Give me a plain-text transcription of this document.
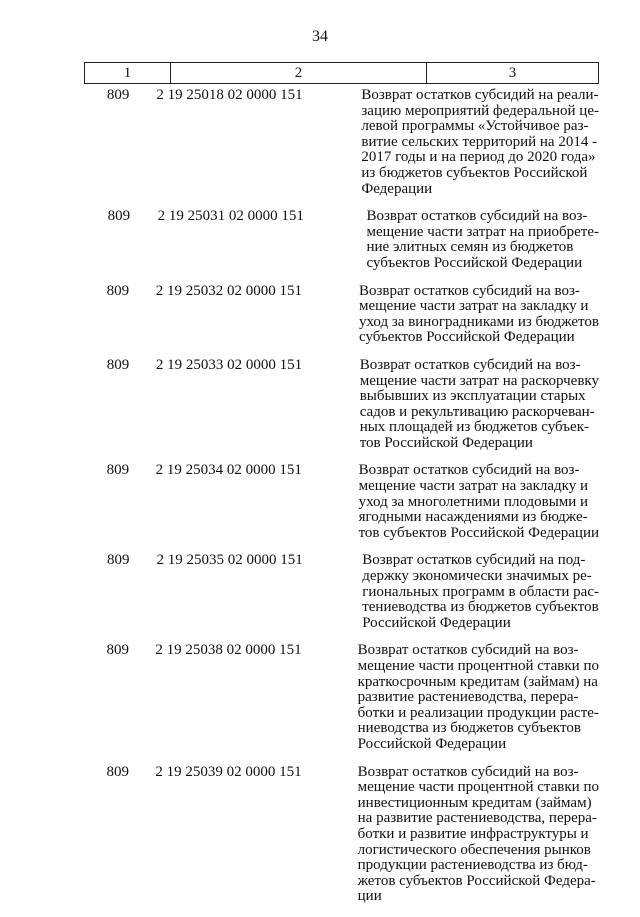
34
1	2	3
809	2 19 25018 02 0000 151	Возврат остатков субсидий на реали-
зацию мероприятий федеральной це-
левой программы «Устойчивое раз-
витие сельских территорий на 2014 -
2017 годы и на период до 2020 года»
из бюджетов субъектов Российской
Федерации
809	2 19 25031 02 0000 151	Возврат остатков субсидий на воз-
мещение части затрат на приобрете-
ние элитных семян из бюджетов
субъектов Российской Федерации
809	2 19 25032 02 0000 151	Возврат остатков субсидий на воз-
мещение части затрат на закладку и
уход за виноградниками из бюджетов
субъектов Российской Федерации
809	2 19 25033 02 0000 151	Возврат остатков субсидий на воз-
мещение части затрат на раскорчевку
выбывших из эксплуатации старых
садов и рекультивацию раскорчеван-
ных площадей из бюджетов субъек-
тов Российской Федерации
809	2 19 25034 02 0000 151	Возврат остатков субсидий на воз-
мещение части затрат на закладку и
уход за многолетними плодовыми и
ягодными насаждениями из бюдже-
тов субъектов Российской Федерации
809	2 19 25035 02 0000 151	Возврат остатков субсидий на под-
держку экономически значимых ре-
гиональных программ в области рас-
тениеводства из бюджетов субъектов
Российской Федерации
809	2 19 25038 02 0000 151	Возврат остатков субсидий на воз-
мещение части процентной ставки по
краткосрочным кредитам (займам) на
развитие растениеводства, перера-
ботки и реализации продукции расте-
ниеводства из бюджетов субъектов
Российской Федерации
809	2 19 25039 02 0000 151	Возврат остатков субсидий на воз-
мещение части процентной ставки по
инвестиционным кредитам (займам)
на развитие растениеводства, перера-
ботки и развитие инфраструктуры и
логистического обеспечения рынков
продукции растениеводства из бюд-
жетов субъектов Российской Федера-
ции
